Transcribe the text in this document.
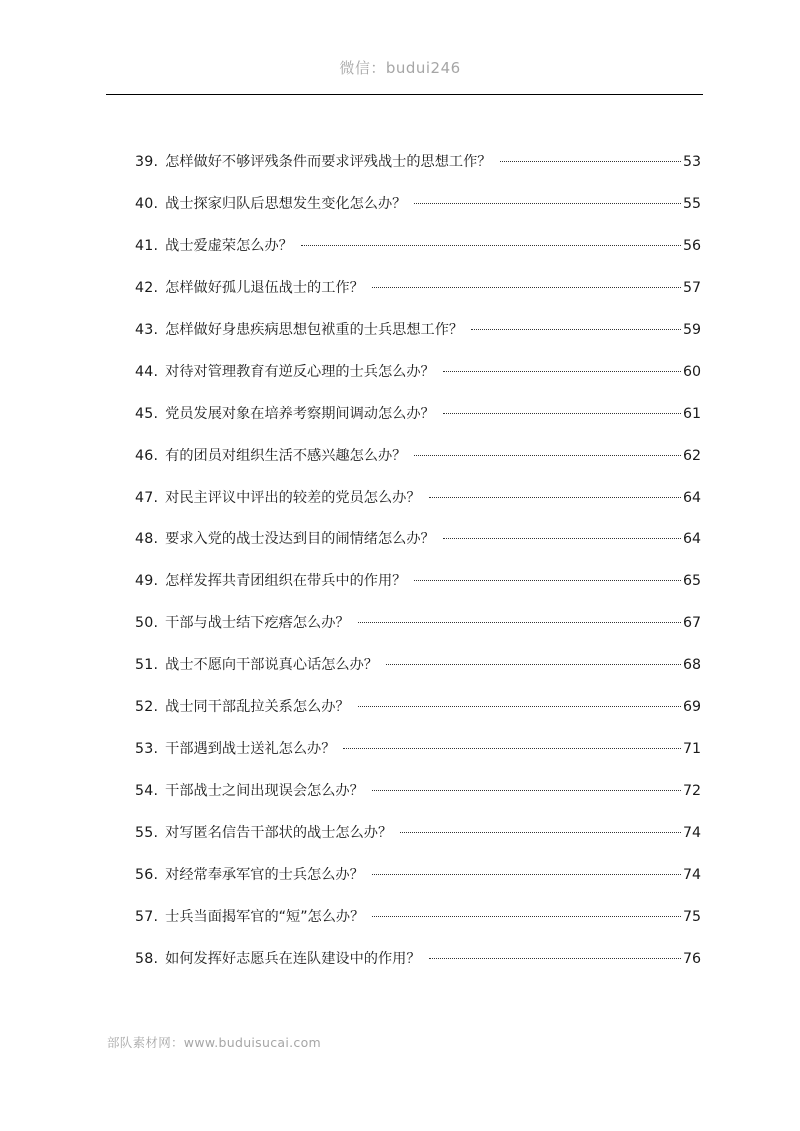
微信：budui246
39. 怎样做好不够评残条件而要求评残战士的思想工作？	53
40. 战士探家归队后思想发生变化怎么办？	55
41. 战士爱虚荣怎么办？	56
42. 怎样做好孤儿退伍战士的工作？	57
43. 怎样做好身患疾病思想包袱重的士兵思想工作？	59
44. 对待对管理教育有逆反心理的士兵怎么办？	60
45. 党员发展对象在培养考察期间调动怎么办？	61
46. 有的团员对组织生活不感兴趣怎么办？	62
47. 对民主评议中评出的较差的党员怎么办？	64
48. 要求入党的战士没达到目的闹情绪怎么办？	64
49. 怎样发挥共青团组织在带兵中的作用？	65
50. 干部与战士结下疙瘩怎么办？	67
51. 战士不愿向干部说真心话怎么办？	68
52. 战士同干部乱拉关系怎么办？	69
53. 干部遇到战士送礼怎么办？	71
54. 干部战士之间出现误会怎么办？	72
55. 对写匿名信告干部状的战士怎么办？	74
56. 对经常奉承军官的士兵怎么办？	74
57. 士兵当面揭军官的“短”怎么办？	75
58. 如何发挥好志愿兵在连队建设中的作用？	76
部队素材网：www.buduisucai.com
